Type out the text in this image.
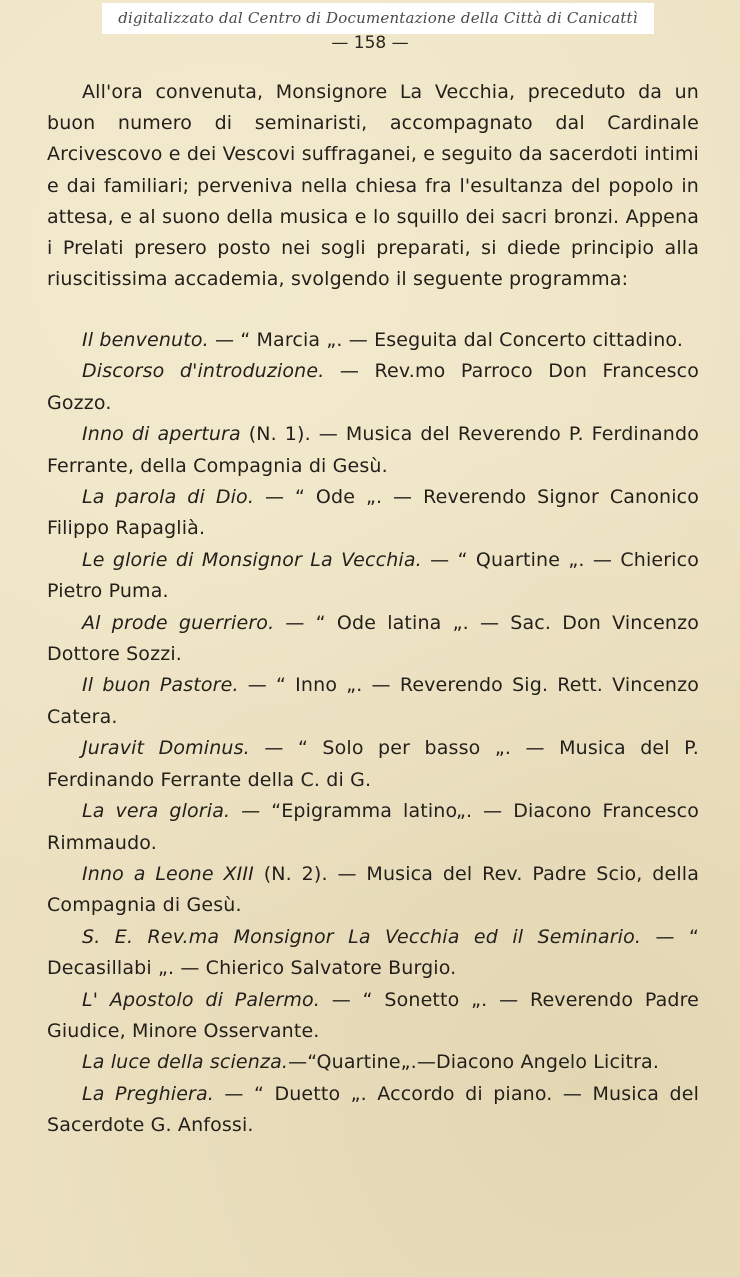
digitalizzato dal Centro di Documentazione della Città di Canicattì
— 158 —

All'ora convenuta, Monsignore La Vecchia, preceduto da un buon numero di seminaristi, accompagnato dal Cardinale Arcivescovo e dei Vescovi suffraganei, e seguito da sacerdoti intimi e dai familiari; perveniva nella chiesa fra l'esultanza del popolo in attesa, e al suono della musica e lo squillo dei sacri bronzi. Appena i Prelati presero posto nei sogli preparati, si diede principio alla riuscitissima accademia, svolgendo il seguente programma:

Il benvenuto. — “ Marcia „. — Eseguita dal Concerto cittadino.

Discorso d'introduzione. — Rev.mo Parroco Don Francesco Gozzo.

Inno di apertura (N. 1). — Musica del Reverendo P. Ferdinando Ferrante, della Compagnia di Gesù.

La parola di Dio. — “ Ode „. — Reverendo Signor Canonico Filippo Rapaglià.

Le glorie di Monsignor La Vecchia. — “ Quartine „. — Chierico Pietro Puma.

Al prode guerriero. — “ Ode latina „. — Sac. Don Vincenzo Dottore Sozzi.

Il buon Pastore. — “ Inno „. — Reverendo Sig. Rett. Vincenzo Catera.

Juravit Dominus. — “ Solo per basso „. — Musica del P. Ferdinando Ferrante della C. di G.

La vera gloria. — “Epigramma latino„. — Diacono Francesco Rimmaudo.

Inno a Leone XIII (N. 2). — Musica del Rev. Padre Scio, della Compagnia di Gesù.

S. E. Rev.ma Monsignor La Vecchia ed il Seminario. — “ Decasillabi „. — Chierico Salvatore Burgio.

L' Apostolo di Palermo. — “ Sonetto „. — Reverendo Padre Giudice, Minore Osservante.

La luce della scienza.—“Quartine„.—Diacono Angelo Licitra.

La Preghiera. — “ Duetto „. Accordo di piano. — Musica del Sacerdote G. Anfossi.
